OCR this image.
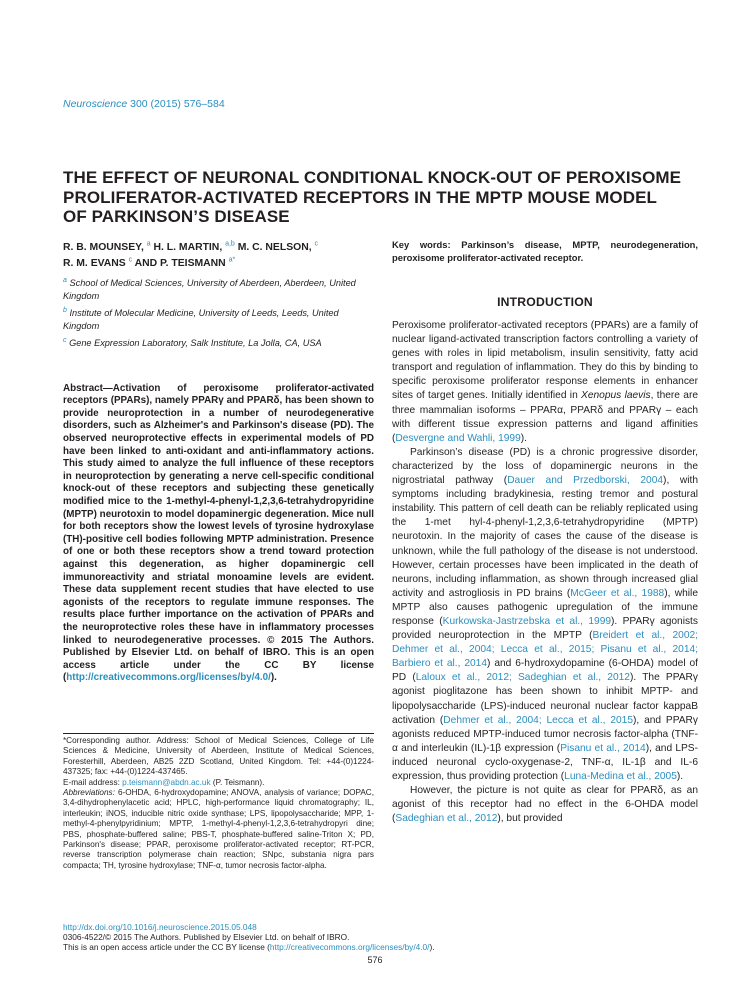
Neuroscience 300 (2015) 576–584
THE EFFECT OF NEURONAL CONDITIONAL KNOCK-OUT OF PEROXISOME PROLIFERATOR-ACTIVATED RECEPTORS IN THE MPTP MOUSE MODEL OF PARKINSON’S DISEASE
R. B. MOUNSEY, $^a$ H. L. MARTIN, $^{a,b}$ M. C. NELSON, $^c$
R. M. EVANS $^c$ AND P. TEISMANN $^{a*}$
$^a$ School of Medical Sciences, University of Aberdeen, Aberdeen, United Kingdom
$^b$ Institute of Molecular Medicine, University of Leeds, Leeds, United Kingdom
$^c$ Gene Expression Laboratory, Salk Institute, La Jolla, CA, USA
Abstract—Activation of peroxisome proliferator-activated receptors (PPARs), namely PPARγ and PPARδ, has been shown to provide neuroprotection in a number of neurodegenerative disorders, such as Alzheimer's and Parkinson's disease (PD). The observed neuroprotective effects in experimental models of PD have been linked to anti-oxidant and anti-inflammatory actions. This study aimed to analyze the full influence of these receptors in neuroprotection by generating a nerve cell-specific conditional knock-out of these receptors and subjecting these genetically modified mice to the 1-methyl-4-phenyl-1,2,3,6-tetrahydropyridine (MPTP) neurotoxin to model dopaminergic degeneration. Mice null for both receptors show the lowest levels of tyrosine hydroxylase (TH)-positive cell bodies following MPTP administration. Presence of one or both these receptors show a trend toward protection against this degeneration, as higher dopaminergic cell immunoreactivity and striatal monoamine levels are evident. These data supplement recent studies that have elected to use agonists of the receptors to regulate immune responses. The results place further importance on the activation of PPARs and the neuroprotective roles these have in inflammatory processes linked to neurodegenerative processes. © 2015 The Authors. Published by Elsevier Ltd. on behalf of IBRO. This is an open access article under the CC BY license (http://creativecommons.org/licenses/by/4.0/).

*Corresponding author. Address: School of Medical Sciences, College of Life Sciences & Medicine, University of Aberdeen, Institute of Medical Sciences, Foresterhill, Aberdeen, AB25 2ZD Scotland, United Kingdom. Tel: +44-(0)1224-437325; fax: +44-(0)1224-437465.

E-mail address: p.teismann@abdn.ac.uk (P. Teismann).

Abbreviations: 6-OHDA, 6-hydroxydopamine; ANOVA, analysis of variance; DOPAC, 3,4-dihydrophenylacetic acid; HPLC, high-performance liquid chromatography; IL, interleukin; iNOS, inducible nitric oxide synthase; LPS, lipopolysaccharide; MPP, 1-methyl-4-phenylpyridinium; MPTP, 1-methyl-4-phenyl-1,2,3,6-tetrahydropyri dine; PBS, phosphate-buffered saline; PBS-T, phosphate-buffered saline-Triton X; PD, Parkinson's disease; PPAR, peroxisome proliferator-activated receptor; RT-PCR, reverse transcription polymerase chain reaction; SNpc, substania nigra pars compacta; TH, tyrosine hydroxylase; TNF-α, tumor necrosis factor-alpha.

Key words: Parkinson’s disease, MPTP, neurodegeneration, peroxisome proliferator-activated receptor.
INTRODUCTION

Peroxisome proliferator-activated receptors (PPARs) are a family of nuclear ligand-activated transcription factors controlling a variety of genes with roles in lipid metabolism, insulin sensitivity, fatty acid transport and regulation of inflammation. They do this by binding to specific peroxisome proliferator response elements in enhancer sites of target genes. Initially identified in Xenopus laevis, there are three mammalian isoforms – PPARα, PPARδ and PPARγ – each with different tissue expression patterns and ligand affinities (Desvergne and Wahli, 1999).

Parkinson’s disease (PD) is a chronic progressive disorder, characterized by the loss of dopaminergic neurons in the nigrostriatal pathway (Dauer and Przedborski, 2004), with symptoms including bradykinesia, resting tremor and postural instability. This pattern of cell death can be reliably replicated using the 1-met hyl-4-phenyl-1,2,3,6-tetrahydropyridine (MPTP) neurotoxin. In the majority of cases the cause of the disease is unknown, while the full pathology of the disease is not understood. However, certain processes have been implicated in the death of neurons, including inflammation, as shown through increased glial activity and astrogliosis in PD brains (McGeer et al., 1988), while MPTP also causes pathogenic upregulation of the immune response (Kurkowska-Jastrzebska et al., 1999). PPARγ agonists provided neuroprotection in the MPTP (Breidert et al., 2002; Dehmer et al., 2004; Lecca et al., 2015; Pisanu et al., 2014; Barbiero et al., 2014) and 6-hydroxydopamine (6-OHDA) model of PD (Laloux et al., 2012; Sadeghian et al., 2012). The PPARγ agonist pioglitazone has been shown to inhibit MPTP- and lipopolysaccharide (LPS)-induced neuronal nuclear factor kappaB activation (Dehmer et al., 2004; Lecca et al., 2015), and PPARγ agonists reduced MPTP-induced tumor necrosis factor-alpha (TNF-α and interleukin (IL)-1β expression (Pisanu et al., 2014), and LPS-induced neuronal cyclo-oxygenase-2, TNF-α, IL-1β and IL-6 expression, thus providing protection (Luna-Medina et al., 2005).

However, the picture is not quite as clear for PPARδ, as an agonist of this receptor had no effect in the 6-OHDA model (Sadeghian et al., 2012), but provided

http://dx.doi.org/10.1016/j.neuroscience.2015.05.048
0306-4522/© 2015 The Authors. Published by Elsevier Ltd. on behalf of IBRO.
This is an open access article under the CC BY license (http://creativecommons.org/licenses/by/4.0/).
576
